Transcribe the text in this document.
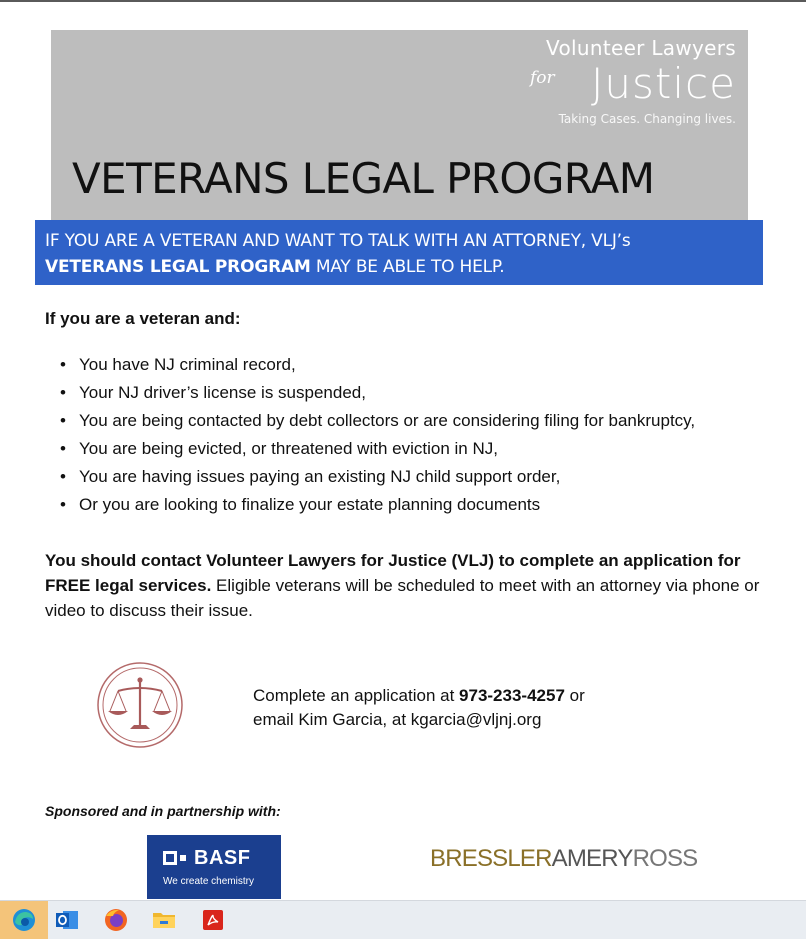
Volunteer Lawyers
for Justice
Taking Cases. Changing lives.
VETERANS LEGAL PROGRAM
IF YOU ARE A VETERAN AND WANT TO TALK WITH AN ATTORNEY, VLJ’s
VETERANS LEGAL PROGRAM MAY BE ABLE TO HELP.
If you are a veteran and:
• You have NJ criminal record,
• Your NJ driver’s license is suspended,
• You are being contacted by debt collectors or are considering filing for bankruptcy,
• You are being evicted, or threatened with eviction in NJ,
• You are having issues paying an existing NJ child support order,
• Or you are looking to finalize your estate planning documents
You should contact Volunteer Lawyers for Justice (VLJ) to complete an application for FREE legal services. Eligible veterans will be scheduled to meet with an attorney via phone or video to discuss their issue.
Complete an application at 973-233-4257 or
email Kim Garcia, at kgarcia@vljnj.org
Sponsored and in partnership with:
BASF
We create chemistry
BRESSLERAMERYROSS
